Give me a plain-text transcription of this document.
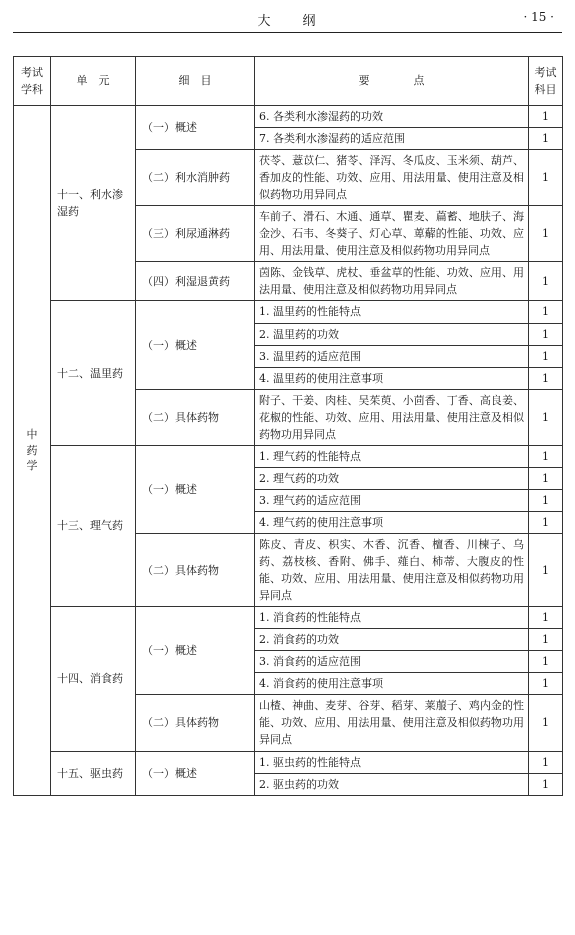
大　　纲	· 15 ·
考试
学科	单　元	细　目	要　　　　点	考试
科目

中药学	十一、利水渗湿药	（一）概述	6. 各类利水渗湿药的功效	1
			7. 各类利水渗湿药的适应范围	1
		（二）利水消肿药	茯苓、薏苡仁、猪苓、泽泻、冬瓜皮、玉米须、葫芦、香加皮的性能、功效、应用、用法用量、使用注意及相似药物功用异同点	1
		（三）利尿通淋药	车前子、滑石、木通、通草、瞿麦、萹蓄、地肤子、海金沙、石韦、冬葵子、灯心草、萆薢的性能、功效、应用、用法用量、使用注意及相似药物功用异同点	1
		（四）利湿退黄药	茵陈、金钱草、虎杖、垂盆草的性能、功效、应用、用法用量、使用注意及相似药物功用异同点	1
	十二、温里药	（一）概述	1. 温里药的性能特点	1
			2. 温里药的功效	1
			3. 温里药的适应范围	1
			4. 温里药的使用注意事项	1
		（二）具体药物	附子、干姜、肉桂、吴茱萸、小茴香、丁香、高良姜、花椒的性能、功效、应用、用法用量、使用注意及相似药物功用异同点	1
	十三、理气药	（一）概述	1. 理气药的性能特点	1
			2. 理气药的功效	1
			3. 理气药的适应范围	1
			4. 理气药的使用注意事项	1
		（二）具体药物	陈皮、青皮、枳实、木香、沉香、檀香、川楝子、乌药、荔枝核、香附、佛手、薤白、柿蒂、大腹皮的性能、功效、应用、用法用量、使用注意及相似药物功用异同点	1
	十四、消食药	（一）概述	1. 消食药的性能特点	1
			2. 消食药的功效	1
			3. 消食药的适应范围	1
			4. 消食药的使用注意事项	1
		（二）具体药物	山楂、神曲、麦芽、谷芽、稻芽、莱菔子、鸡内金的性能、功效、应用、用法用量、使用注意及相似药物功用异同点	1
	十五、驱虫药	（一）概述	1. 驱虫药的性能特点	1
			2. 驱虫药的功效	1
